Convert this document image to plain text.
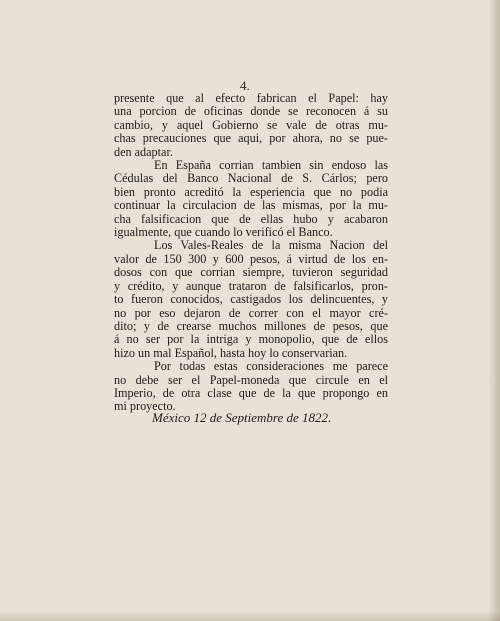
4.
presente que al efecto fabrican el Papel: hay
una porcion de oficinas donde se reconocen á su
cambio, y aquel Gobierno se vale de otras mu-
chas precauciones que aqui, por ahora, no se pue-
den adaptar.
En España corrian tambien sin endoso las
Cédulas del Banco Nacional de S. Cárlos; pero
bien pronto acreditó la esperiencia que no podia
continuar la circulacion de las mismas, por la mu-
cha falsificacion que de ellas hubo y acabaron
igualmente, que cuando lo verificó el Banco.
Los Vales-Reales de la misma Nacion del
valor de 150 300 y 600 pesos, á virtud de los en-
dosos con que corrian siempre, tuvieron seguridad
y crédito, y aunque trataron de falsificarlos, pron-
to fueron conocidos, castigados los delincuentes, y
no por eso dejaron de correr con el mayor cré-
dito; y de crearse muchos millones de pesos, que
á no ser por la intriga y monopolio, que de ellos
hizo un mal Español, hasta hoy lo conservarian.
Por todas estas consideraciones me parece
no debe ser el Papel-moneda que circule en el
Imperio, de otra clase que de la que propongo en
mi proyecto.
México 12 de Septiembre de 1822.
